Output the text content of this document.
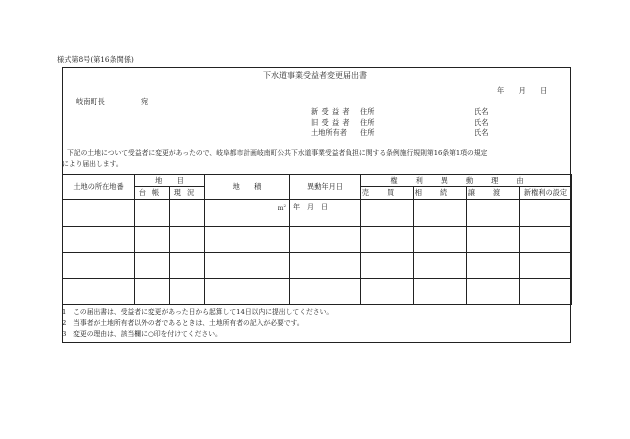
様式第8号(第16条関係)
下水道事業受益者変更届出書
年　　月　　日
岐南町長	宛
新 受 益 者 住所	氏名
旧 受 益 者 住所	氏名
土地所有者 住所	氏名
下記の土地について受益者に変更があったので、岐阜都市計画岐南町公共下水道事業受益者負担に関する条例施行規則第16条第1項の規定
により届出します。
土地の所在地番	地　　目		地　　積	異動年月日	権利異動理由			
	台帳	現況			売買	相続	譲渡	新権利の設定

			$m^2$	年　月　日				

1　この届出書は、受益者に変更があった日から起算して14日以内に提出してください。
2　当事者が土地所有者以外の者であるときは、土地所有者の記入が必要です。
3　変更の理由は、該当欄に○印を付けてください。
